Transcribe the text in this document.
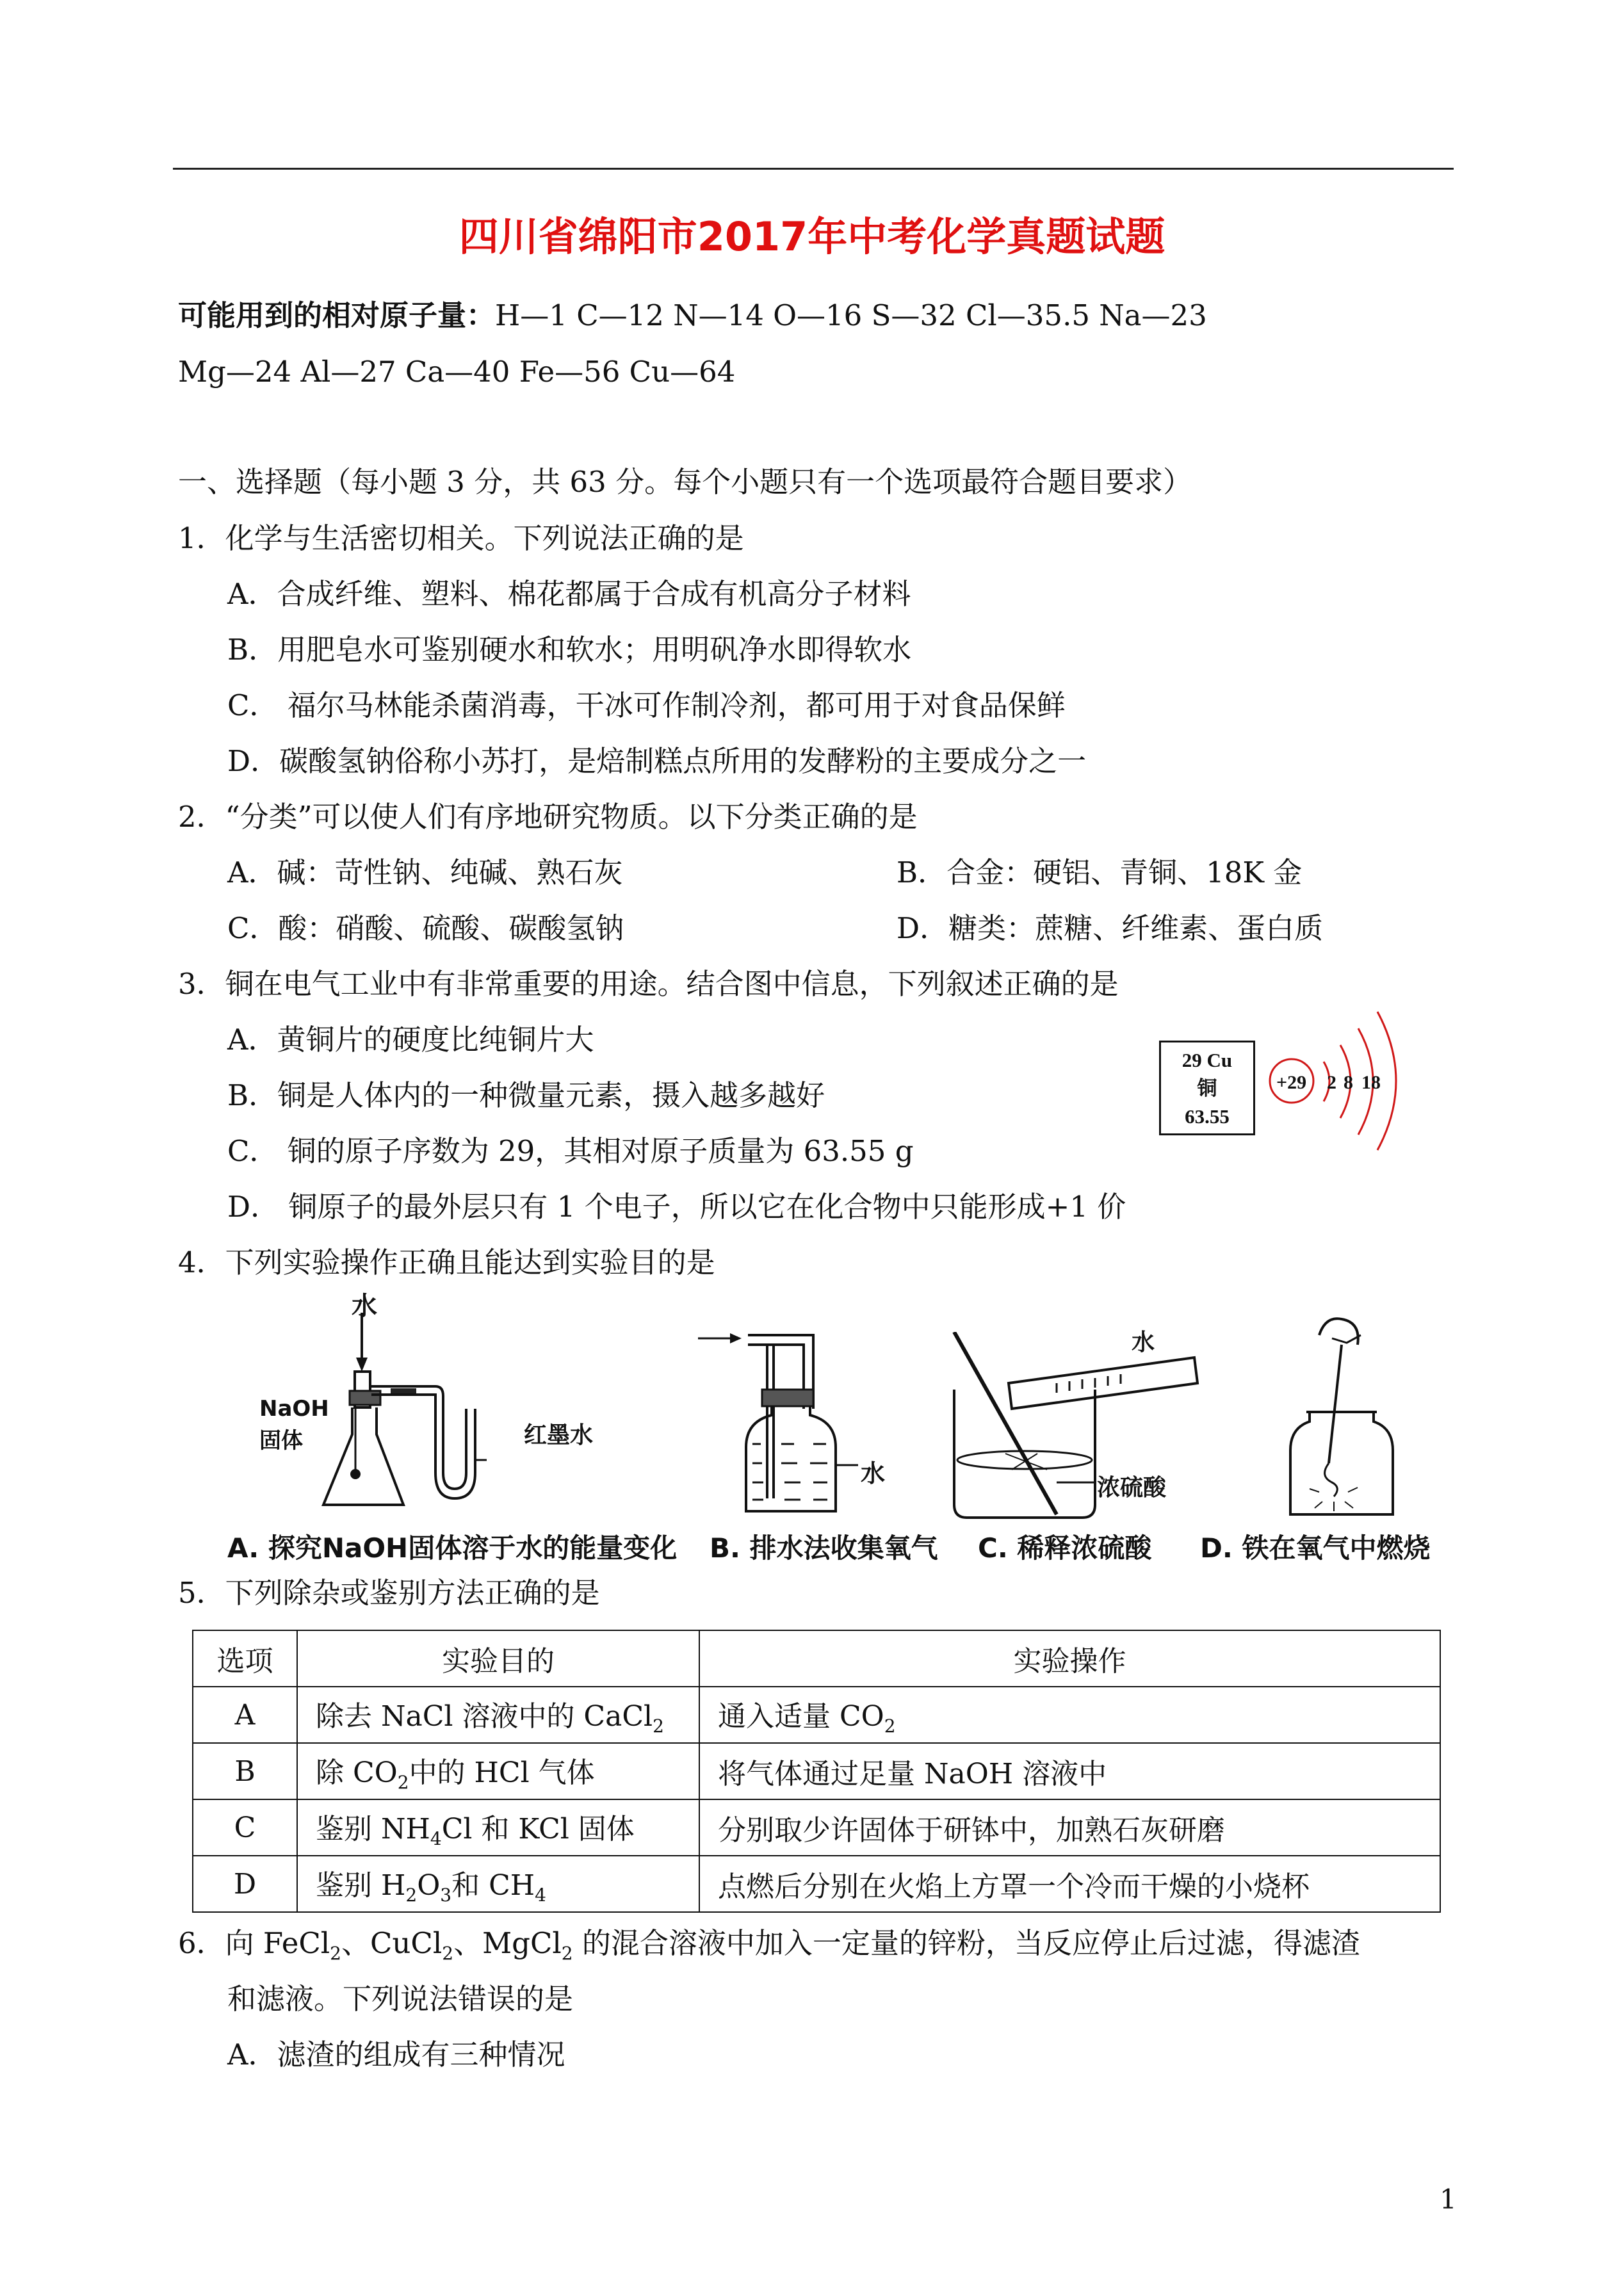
四川省绵阳市2017年中考化学真题试题
可能用到的相对原子量：H—1 C—12 N—14 O—16 S—32 Cl—35.5 Na—23
Mg—24 Al—27 Ca—40 Fe—56 Cu—64
一、选择题（每小题 3 分，共 63 分。每个小题只有一个选项最符合题目要求）
1．化学与生活密切相关。下列说法正确的是
A．合成纤维、塑料、棉花都属于合成有机高分子材料
B．用肥皂水可鉴别硬水和软水；用明矾净水即得软水
C． 福尔马林能杀菌消毒，干冰可作制冷剂，都可用于对食品保鲜
D．碳酸氢钠俗称小苏打，是焙制糕点所用的发酵粉的主要成分之一
2．“分类”可以使人们有序地研究物质。以下分类正确的是
A．碱：苛性钠、纯碱、熟石灰	B．合金：硬铝、青铜、18K 金
C．酸：硝酸、硫酸、碳酸氢钠	D．糖类：蔗糖、纤维素、蛋白质
3．铜在电气工业中有非常重要的用途。结合图中信息，下列叙述正确的是
A．黄铜片的硬度比纯铜片大
B．铜是人体内的一种微量元素，摄入越多越好
C． 铜的原子序数为 29，其相对原子质量为 63.55 g
D． 铜原子的最外层只有 1 个电子，所以它在化合物中只能形成+1 价
29 Cu
铜
63.55
+29 2 8 18
4．下列实验操作正确且能达到实验目的是
水
NaOH
固体	红墨水
水
水
浓硫酸
A. 探究NaOH固体溶于水的能量变化 B. 排水法收集氧气 C. 稀释浓硫酸 D. 铁在氧气中燃烧
5．下列除杂或鉴别方法正确的是
选项	实验目的	实验操作
A	除去 NaCl 溶液中的 CaCl$_2$	通入适量 $CO_2$
B	除 $CO_2$中的 HCl 气体	将气体通过足量 NaOH 溶液中
C	鉴别 $NH_4Cl$ 和 KCl 固体	分别取少许固体于研钵中，加熟石灰研磨
D	鉴别 $H_2O_3$和 $CH_4$	点燃后分别在火焰上方罩一个冷而干燥的小烧杯
6．向 FeCl$_2$、CuCl$_2$、MgCl$_2$ 的混合溶液中加入一定量的锌粉，当反应停止后过滤，得滤渣
和滤液。下列说法错误的是
A．滤渣的组成有三种情况
1
